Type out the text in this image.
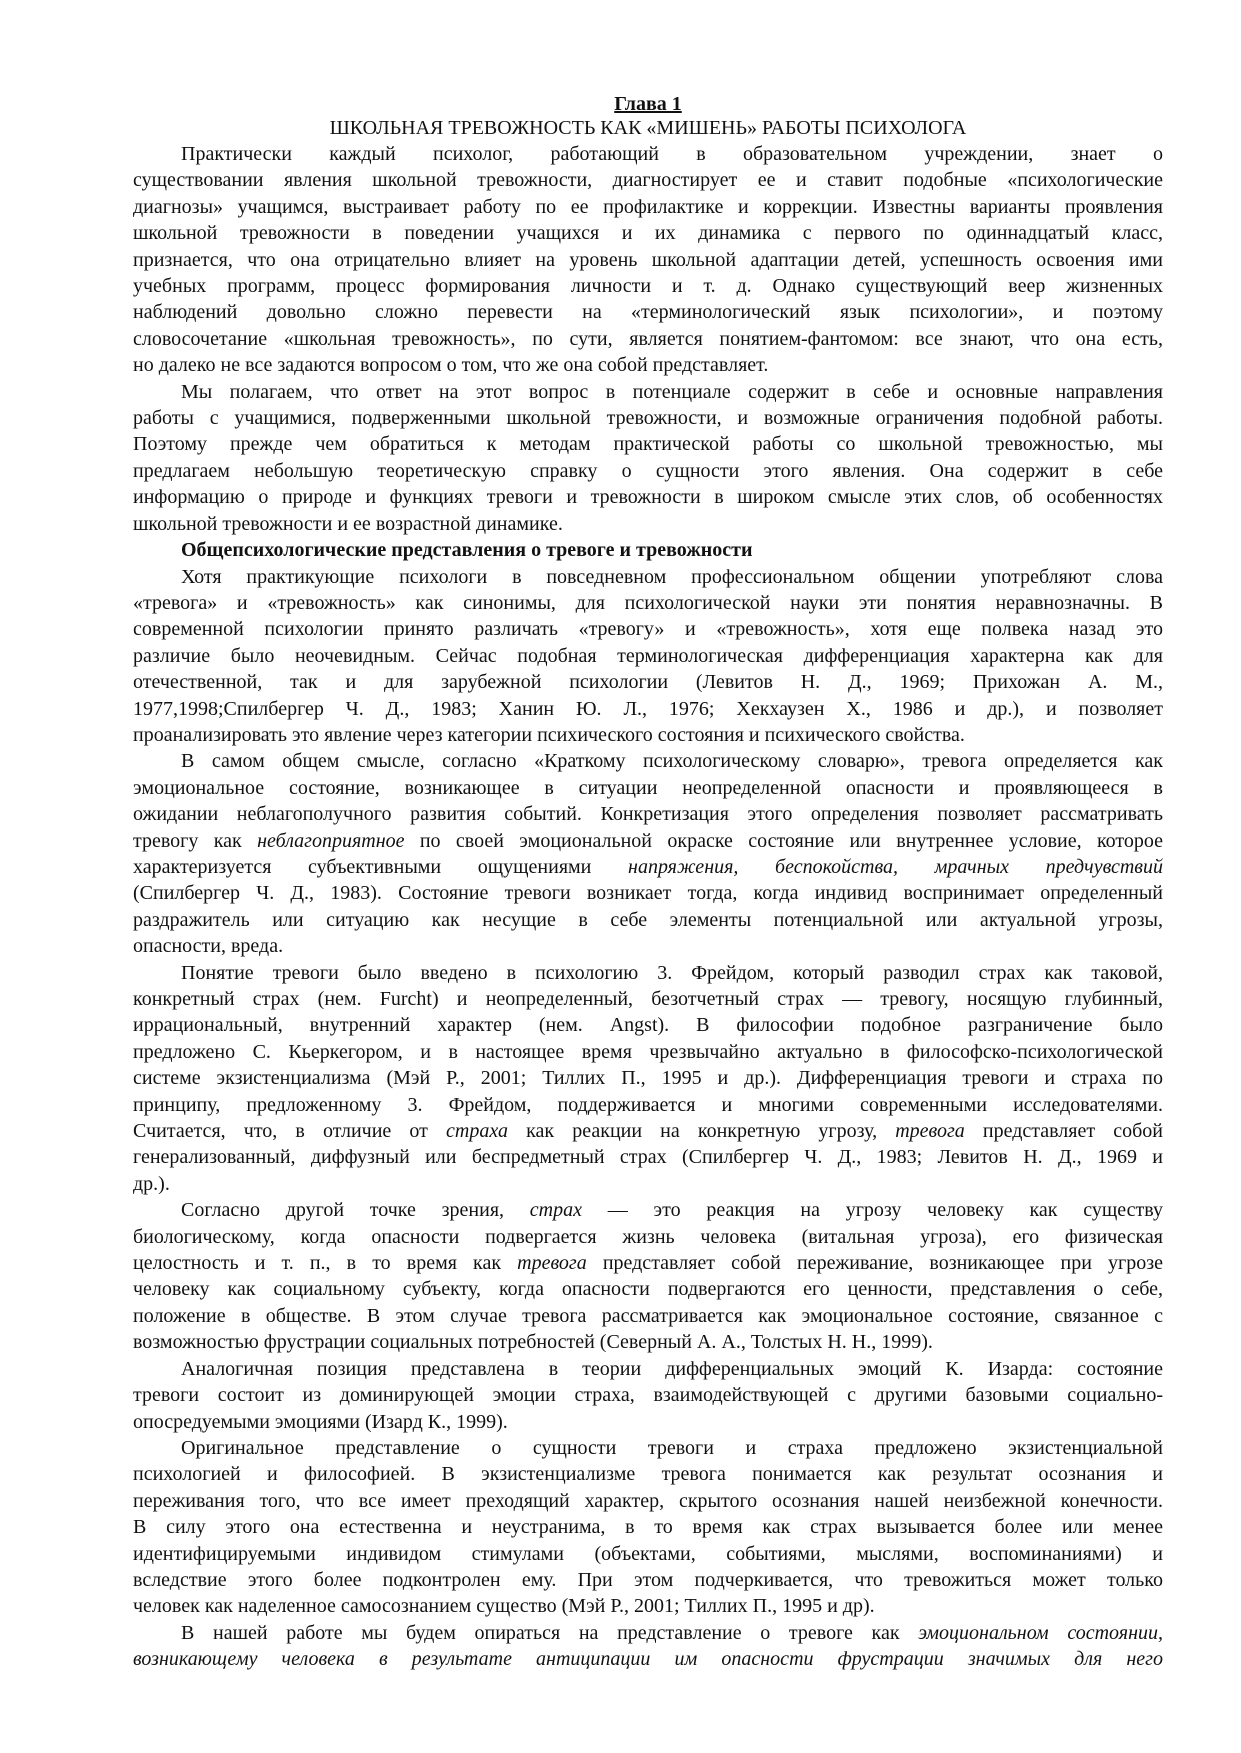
Глава 1
ШКОЛЬНАЯ ТРЕВОЖНОСТЬ КАК «МИШЕНЬ» РАБОТЫ ПСИХОЛОГА
Практически каждый психолог, работающий в образовательном учреждении, знает о
существовании явления школьной тревожности, диагностирует ее и ставит подобные «психологические
диагнозы» учащимся, выстраивает работу по ее профилактике и коррекции. Известны варианты проявления
школьной тревожности в поведении учащихся и их динамика с первого по одиннадцатый класс,
признается, что она отрицательно влияет на уровень школьной адаптации детей, успешность освоения ими
учебных программ, процесс формирования личности и т. д. Однако существующий веер жизненных
наблюдений довольно сложно перевести на «терминологический язык психологии», и поэтому
словосочетание «школьная тревожность», по сути, является понятием-фантомом: все знают, что она есть,
но далеко не все задаются вопросом о том, что же она собой представляет.
Мы полагаем, что ответ на этот вопрос в потенциале содержит в себе и основные направления
работы с учащимися, подверженными школьной тревожности, и возможные ограничения подобной работы.
Поэтому прежде чем обратиться к методам практической работы со школьной тревожностью, мы
предлагаем небольшую теоретическую справку о сущности этого явления. Она содержит в себе
информацию о природе и функциях тревоги и тревожности в широком смысле этих слов, об особенностях
школьной тревожности и ее возрастной динамике.
Общепсихологические представления о тревоге и тревожности
Хотя практикующие психологи в повседневном профессиональном общении употребляют слова
«тревога» и «тревожность» как синонимы, для психологической науки эти понятия неравнозначны. В
современной психологии принято различать «тревогу» и «тревожность», хотя еще полвека назад это
различие было неочевидным. Сейчас подобная терминологическая дифференциация характерна как для
отечественной, так и для зарубежной психологии (Левитов Н. Д., 1969; Прихожан А. М.,
1977,1998;Спилбергер Ч. Д., 1983; Ханин Ю. Л., 1976; Хекхаузен Х., 1986 и др.), и позволяет
проанализировать это явление через категории психического состояния и психического свойства.
В самом общем смысле, согласно «Краткому психологическому словарю», тревога определяется как
эмоциональное состояние, возникающее в ситуации неопределенной опасности и проявляющееся в
ожидании неблагополучного развития событий. Конкретизация этого определения позволяет рассматривать
тревогу как неблагоприятное по своей эмоциональной окраске состояние или внутреннее условие, которое
характеризуется субъективными ощущениями напряжения, беспокойства, мрачных предчувствий
(Спилбергер Ч. Д., 1983). Состояние тревоги возникает тогда, когда индивид воспринимает определенный
раздражитель или ситуацию как несущие в себе элементы потенциальной или актуальной угрозы,
опасности, вреда.
Понятие тревоги было введено в психологию 3. Фрейдом, который разводил страх как таковой,
конкретный страх (нем. Furcht) и неопределенный, безотчетный страх — тревогу, носящую глубинный,
иррациональный, внутренний характер (нем. Angst). В философии подобное разграничение было
предложено С. Кьеркегором, и в настоящее время чрезвычайно актуально в философско-психологической
системе экзистенциализма (Мэй Р., 2001; Тиллих П., 1995 и др.). Дифференциация тревоги и страха по
принципу, предложенному 3. Фрейдом, поддерживается и многими современными исследователями.
Считается, что, в отличие от страха как реакции на конкретную угрозу, тревога представляет собой
генерализованный, диффузный или беспредметный страх (Спилбергер Ч. Д., 1983; Левитов Н. Д., 1969 и
др.).
Согласно другой точке зрения, страх — это реакция на угрозу человеку как существу
биологическому, когда опасности подвергается жизнь человека (витальная угроза), его физическая
целостность и т. п., в то время как тревога представляет собой переживание, возникающее при угрозе
человеку как социальному субъекту, когда опасности подвергаются его ценности, представления о себе,
положение в обществе. В этом случае тревога рассматривается как эмоциональное состояние, связанное с
возможностью фрустрации социальных потребностей (Северный А. А., Толстых Н. Н., 1999).
Аналогичная позиция представлена в теории дифференциальных эмоций К. Изарда: состояние
тревоги состоит из доминирующей эмоции страха, взаимодействующей с другими базовыми социально-
опосредуемыми эмоциями (Изард К., 1999).
Оригинальное представление о сущности тревоги и страха предложено экзистенциальной
психологией и философией. В экзистенциализме тревога понимается как результат осознания и
переживания того, что все имеет преходящий характер, скрытого осознания нашей неизбежной конечности.
В силу этого она естественна и неустранима, в то время как страх вызывается более или менее
идентифицируемыми индивидом стимулами (объектами, событиями, мыслями, воспоминаниями) и
вследствие этого более подконтролен ему. При этом подчеркивается, что тревожиться может только
человек как наделенное самосознанием существо (Мэй Р., 2001; Тиллих П., 1995 и др).
В нашей работе мы будем опираться на представление о тревоге как эмоциональном состоянии,
возникающему человека в результате антиципации им опасности фрустрации значимых для него
